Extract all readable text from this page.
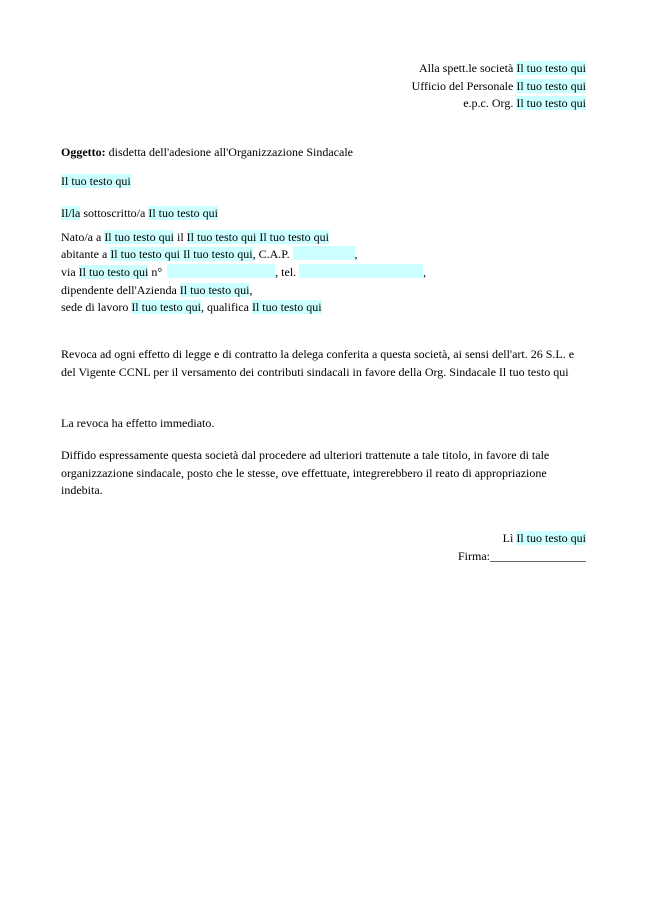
Alla spett.le società Il tuo testo qui
Ufficio del Personale Il tuo testo qui
e.p.c. Org. Il tuo testo qui
Oggetto: disdetta dell'adesione all'Organizzazione Sindacale
Il tuo testo qui
Il/la sottoscritto/a Il tuo testo qui
Nato/a a Il tuo testo qui il Il tuo testo qui Il tuo testo qui
abitante a Il tuo testo qui Il tuo testo qui, C.A.P.	,
via Il tuo testo qui n°	, tel.	,
dipendente dell'Azienda Il tuo testo qui,
sede di lavoro Il tuo testo qui, qualifica Il tuo testo qui
Revoca ad ogni effetto di legge e di contratto la delega conferita a questa società, ai sensi dell'art. 26 S.L. e del Vigente CCNL per il versamento dei contributi sindacali in favore della Org. Sindacale Il tuo testo qui
La revoca ha effetto immediato.
Diffido espressamente questa società dal procedere ad ulteriori trattenute a tale titolo, in favore di tale organizzazione sindacale, posto che le stesse, ove effettuate, integrerebbero il reato di appropriazione indebita.
Lì Il tuo testo qui
Firma:________________
